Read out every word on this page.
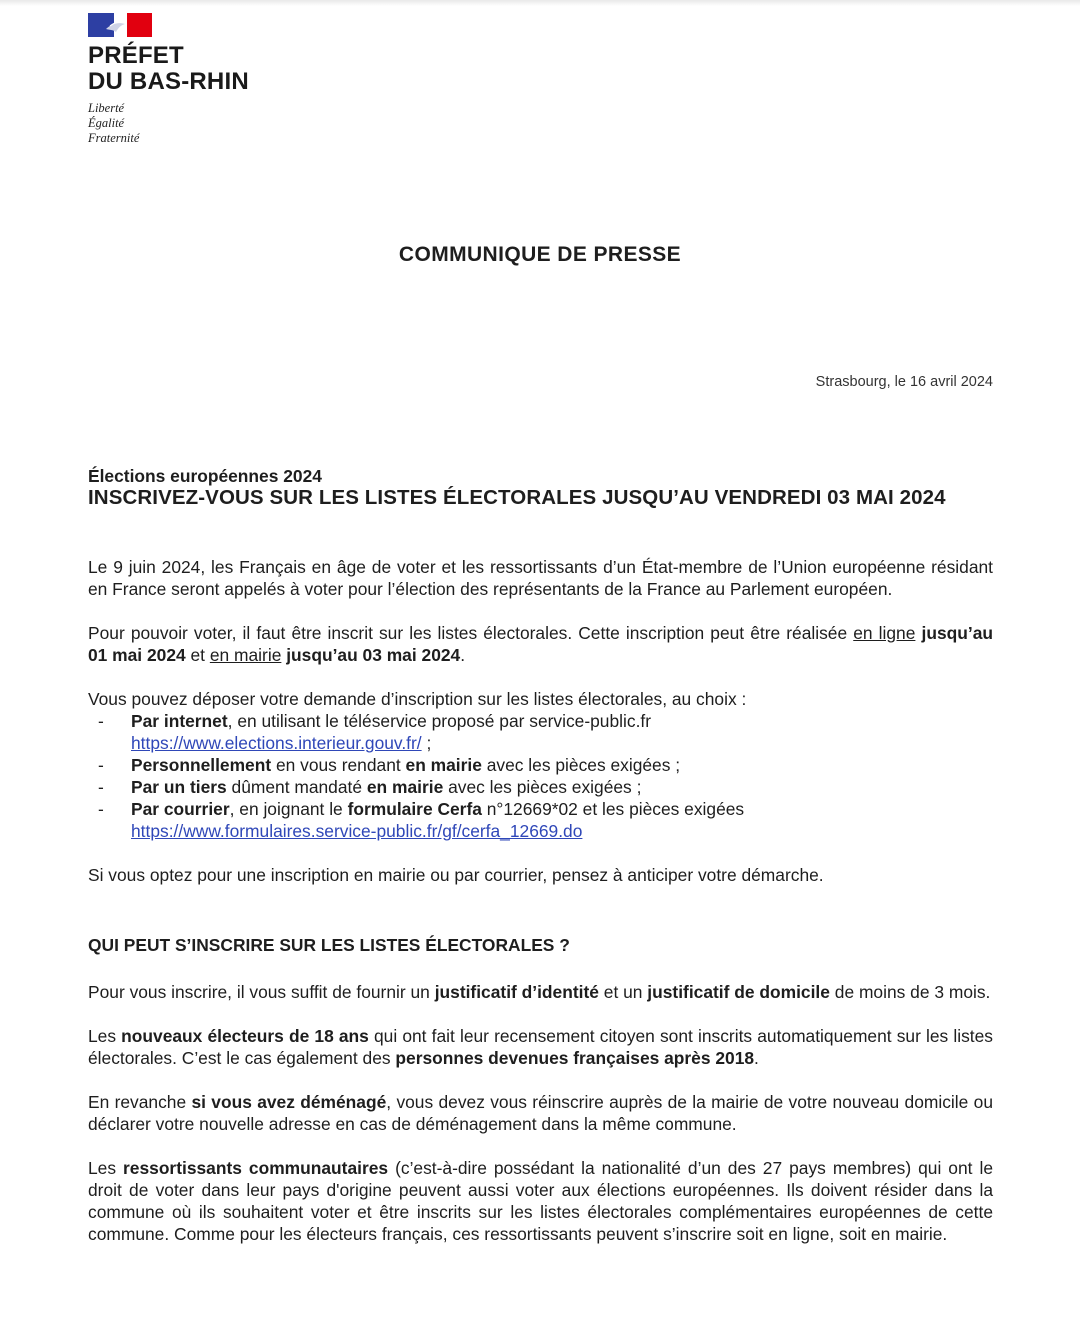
PRÉFET
DU BAS-RHIN
Liberté
Égalité
Fraternité
COMMUNIQUE DE PRESSE
Strasbourg, le 16 avril 2024

Élections européennes 2024

INSCRIVEZ-VOUS SUR LES LISTES ÉLECTORALES JUSQU’AU VENDREDI 03 MAI 2024

Le 9 juin 2024, les Français en âge de voter et les ressortissants d’un État-membre de l’Union européenne résidant en France seront appelés à voter pour l’élection des représentants de la France au Parlement européen.

Pour pouvoir voter, il faut être inscrit sur les listes électorales. Cette inscription peut être réalisée en ligne jusqu’au 01 mai 2024 et en mairie jusqu’au 03 mai 2024.

Vous pouvez déposer votre demande d’inscription sur les listes électorales, au choix :

- Par internet, en utilisant le téléservice proposé par service-public.fr
https://www.elections.interieur.gouv.fr/ ;
- Personnellement en vous rendant en mairie avec les pièces exigées ;
- Par un tiers dûment mandaté en mairie avec les pièces exigées ;
- Par courrier, en joignant le formulaire Cerfa n°12669*02 et les pièces exigées
https://www.formulaires.service-public.fr/gf/cerfa_12669.do

Si vous optez pour une inscription en mairie ou par courrier, pensez à anticiper votre démarche.

QUI PEUT S’INSCRIRE SUR LES LISTES ÉLECTORALES ?

Pour vous inscrire, il vous suffit de fournir un justificatif d’identité et un justificatif de domicile de moins de 3 mois.

Les nouveaux électeurs de 18 ans qui ont fait leur recensement citoyen sont inscrits automatiquement sur les listes électorales. C’est le cas également des personnes devenues françaises après 2018.

En revanche si vous avez déménagé, vous devez vous réinscrire auprès de la mairie de votre nouveau domicile ou déclarer votre nouvelle adresse en cas de déménagement dans la même commune.

Les ressortissants communautaires (c’est-à-dire possédant la nationalité d’un des 27 pays membres) qui ont le droit de voter dans leur pays d'origine peuvent aussi voter aux élections européennes. Ils doivent résider dans la commune où ils souhaitent voter et être inscrits sur les listes électorales complémentaires européennes de cette commune. Comme pour les électeurs français, ces ressortissants peuvent s’inscrire soit en ligne, soit en mairie.
